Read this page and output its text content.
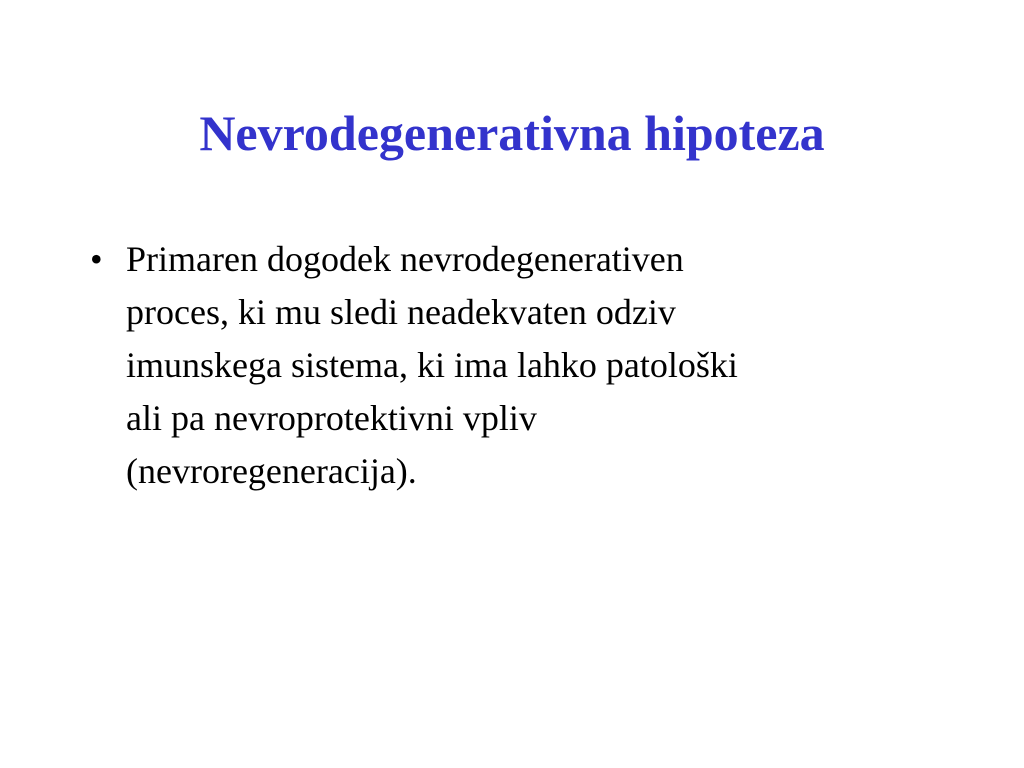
Nevrodegenerativna hipoteza
• Primaren dogodek nevrodegenerativen
proces, ki mu sledi neadekvaten odziv
imunskega sistema, ki ima lahko patološki
ali pa nevroprotektivni vpliv
(nevroregeneracija).
